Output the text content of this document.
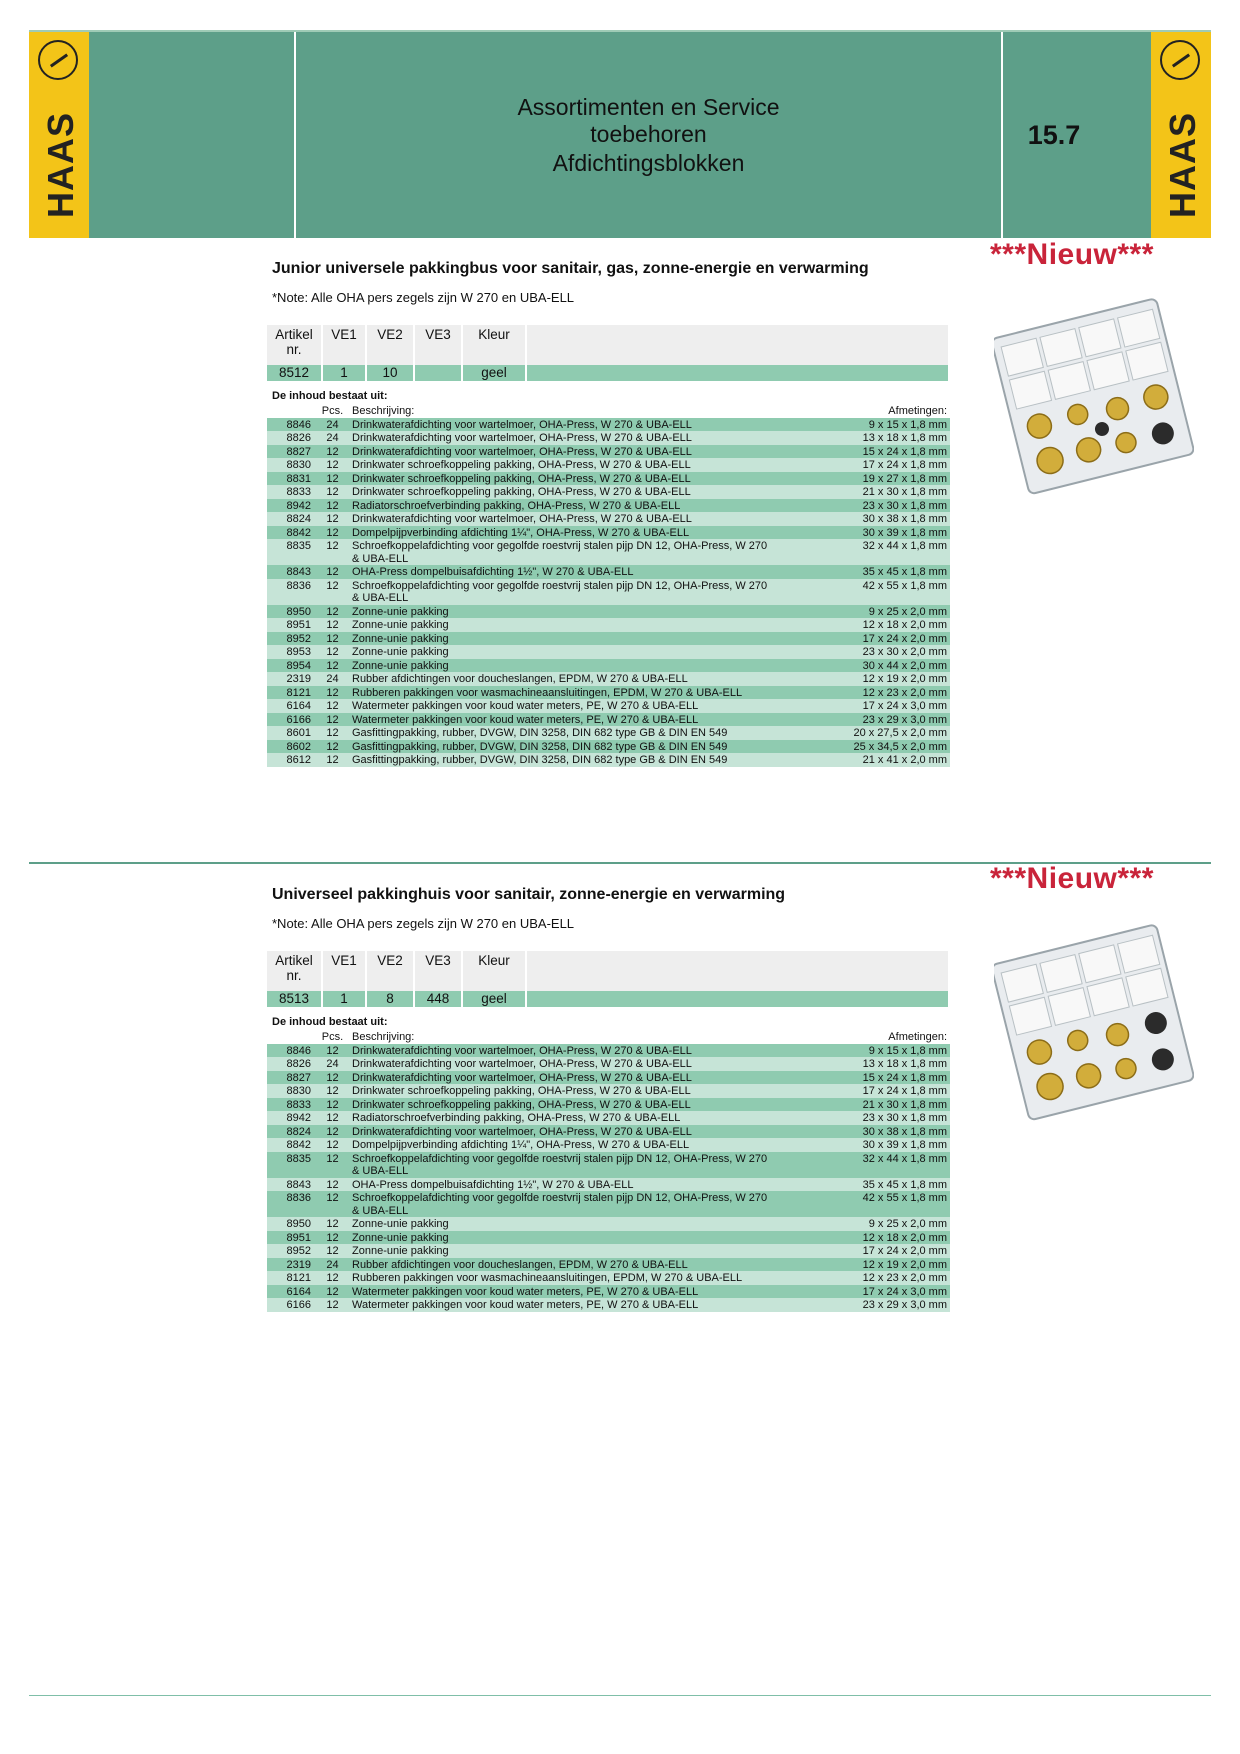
HAAS
Assortimenten en Service toebehoren
Afdichtingsblokken
15.7	HAAS
***Nieuw***
Junior universele pakkingbus voor sanitair, gas, zonne-energie en verwarming
*Note: Alle OHA pers zegels zijn W 270 en UBA-ELL
Artikel nr.	VE1	VE2	VE3	Kleur	
8512	1	10		geel	
De inhoud bestaat uit:
	Pcs.	Beschrijving:	Afmetingen:
8846	24	Drinkwaterafdichting voor wartelmoer, OHA-Press, W 270 & UBA-ELL	9 x 15 x 1,8 mm
8826	24	Drinkwaterafdichting voor wartelmoer, OHA-Press, W 270 & UBA-ELL	13 x 18 x 1,8 mm
8827	12	Drinkwaterafdichting voor wartelmoer, OHA-Press, W 270 & UBA-ELL	15 x 24 x 1,8 mm
8830	12	Drinkwater schroefkoppeling pakking, OHA-Press, W 270 & UBA-ELL	17 x 24 x 1,8 mm
8831	12	Drinkwater schroefkoppeling pakking, OHA-Press, W 270 & UBA-ELL	19 x 27 x 1,8 mm
8833	12	Drinkwater schroefkoppeling pakking, OHA-Press, W 270 & UBA-ELL	21 x 30 x 1,8 mm
8942	12	Radiatorschroefverbinding pakking, OHA-Press, W 270 & UBA-ELL	23 x 30 x 1,8 mm
8824	12	Drinkwaterafdichting voor wartelmoer, OHA-Press, W 270 & UBA-ELL	30 x 38 x 1,8 mm
8842	12	Dompelpijpverbinding afdichting 1¼", OHA-Press, W 270 & UBA-ELL	30 x 39 x 1,8 mm
8835	12	Schroefkoppelafdichting voor gegolfde roestvrij stalen pijp DN 12, OHA-Press, W 270 & UBA-ELL	32 x 44 x 1,8 mm
8843	12	OHA-Press dompelbuisafdichting 1½", W 270 & UBA-ELL	35 x 45 x 1,8 mm
8836	12	Schroefkoppelafdichting voor gegolfde roestvrij stalen pijp DN 12, OHA-Press, W 270 & UBA-ELL	42 x 55 x 1,8 mm
8950	12	Zonne-unie pakking	9 x 25 x 2,0 mm
8951	12	Zonne-unie pakking	12 x 18 x 2,0 mm
8952	12	Zonne-unie pakking	17 x 24 x 2,0 mm
8953	12	Zonne-unie pakking	23 x 30 x 2,0 mm
8954	12	Zonne-unie pakking	30 x 44 x 2,0 mm
2319	24	Rubber afdichtingen voor doucheslangen, EPDM, W 270 & UBA-ELL	12 x 19 x 2,0 mm
8121	12	Rubberen pakkingen voor wasmachineaansluitingen, EPDM, W 270 & UBA-ELL	12 x 23 x 2,0 mm
6164	12	Watermeter pakkingen voor koud water meters, PE, W 270 & UBA-ELL	17 x 24 x 3,0 mm
6166	12	Watermeter pakkingen voor koud water meters, PE, W 270 & UBA-ELL	23 x 29 x 3,0 mm
8601	12	Gasfittingpakking, rubber, DVGW, DIN 3258, DIN 682 type GB & DIN EN 549	20 x 27,5 x 2,0 mm
8602	12	Gasfittingpakking, rubber, DVGW, DIN 3258, DIN 682 type GB & DIN EN 549	25 x 34,5 x 2,0 mm
8612	12	Gasfittingpakking, rubber, DVGW, DIN 3258, DIN 682 type GB & DIN EN 549	21 x 41 x 2,0 mm
***Nieuw***
Universeel pakkinghuis voor sanitair, zonne-energie en verwarming
*Note: Alle OHA pers zegels zijn W 270 en UBA-ELL
Artikel nr.	VE1	VE2	VE3	Kleur	
8513	1	8	448	geel	
De inhoud bestaat uit:
	Pcs.	Beschrijving:	Afmetingen:
8846	12	Drinkwaterafdichting voor wartelmoer, OHA-Press, W 270 & UBA-ELL	9 x 15 x 1,8 mm
8826	24	Drinkwaterafdichting voor wartelmoer, OHA-Press, W 270 & UBA-ELL	13 x 18 x 1,8 mm
8827	12	Drinkwaterafdichting voor wartelmoer, OHA-Press, W 270 & UBA-ELL	15 x 24 x 1,8 mm
8830	12	Drinkwater schroefkoppeling pakking, OHA-Press, W 270 & UBA-ELL	17 x 24 x 1,8 mm
8833	12	Drinkwater schroefkoppeling pakking, OHA-Press, W 270 & UBA-ELL	21 x 30 x 1,8 mm
8942	12	Radiatorschroefverbinding pakking, OHA-Press, W 270 & UBA-ELL	23 x 30 x 1,8 mm
8824	12	Drinkwaterafdichting voor wartelmoer, OHA-Press, W 270 & UBA-ELL	30 x 38 x 1,8 mm
8842	12	Dompelpijpverbinding afdichting 1¼", OHA-Press, W 270 & UBA-ELL	30 x 39 x 1,8 mm
8835	12	Schroefkoppelafdichting voor gegolfde roestvrij stalen pijp DN 12, OHA-Press, W 270 & UBA-ELL	32 x 44 x 1,8 mm
8843	12	OHA-Press dompelbuisafdichting 1½", W 270 & UBA-ELL	35 x 45 x 1,8 mm
8836	12	Schroefkoppelafdichting voor gegolfde roestvrij stalen pijp DN 12, OHA-Press, W 270 & UBA-ELL	42 x 55 x 1,8 mm
8950	12	Zonne-unie pakking	9 x 25 x 2,0 mm
8951	12	Zonne-unie pakking	12 x 18 x 2,0 mm
8952	12	Zonne-unie pakking	17 x 24 x 2,0 mm
2319	24	Rubber afdichtingen voor doucheslangen, EPDM, W 270 & UBA-ELL	12 x 19 x 2,0 mm
8121	12	Rubberen pakkingen voor wasmachineaansluitingen, EPDM, W 270 & UBA-ELL	12 x 23 x 2,0 mm
6164	12	Watermeter pakkingen voor koud water meters, PE, W 270 & UBA-ELL	17 x 24 x 3,0 mm
6166	12	Watermeter pakkingen voor koud water meters, PE, W 270 & UBA-ELL	23 x 29 x 3,0 mm
